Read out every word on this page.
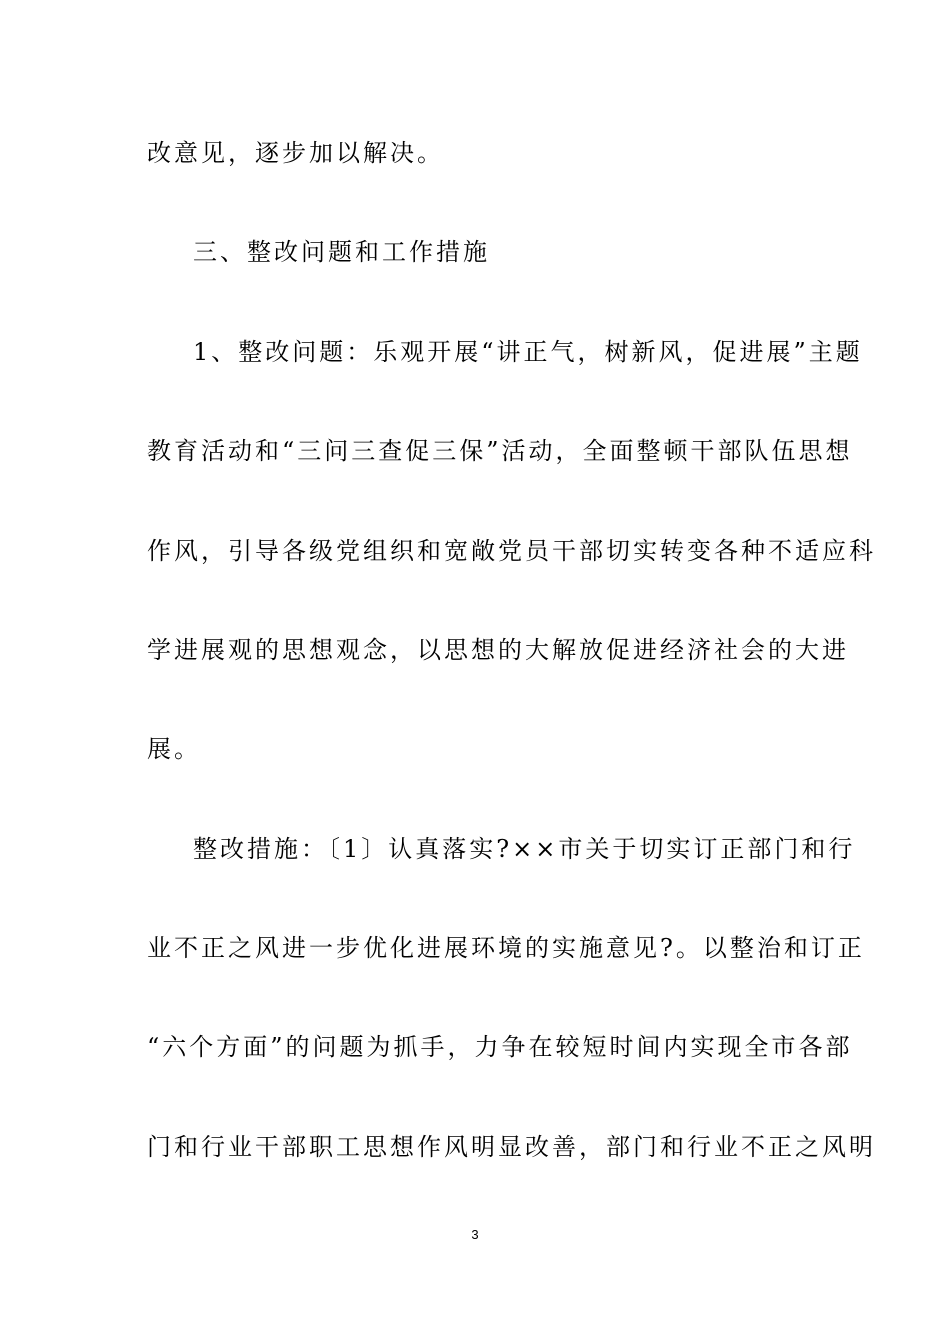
改意见，逐步加以解决。
三、整改问题和工作措施
1、整改问题：乐观开展“讲正气，树新风，促进展”主题
教育活动和“三问三查促三保”活动，全面整顿干部队伍思想
作风，引导各级党组织和宽敞党员干部切实转变各种不适应科
学进展观的思想观念，以思想的大解放促进经济社会的大进
展。
整改措施：〔1〕认真落实?××市关于切实订正部门和行
业不正之风进一步优化进展环境的实施意见?。以整治和订正
“六个方面”的问题为抓手，力争在较短时间内实现全市各部
门和行业干部职工思想作风明显改善，部门和行业不正之风明
3
